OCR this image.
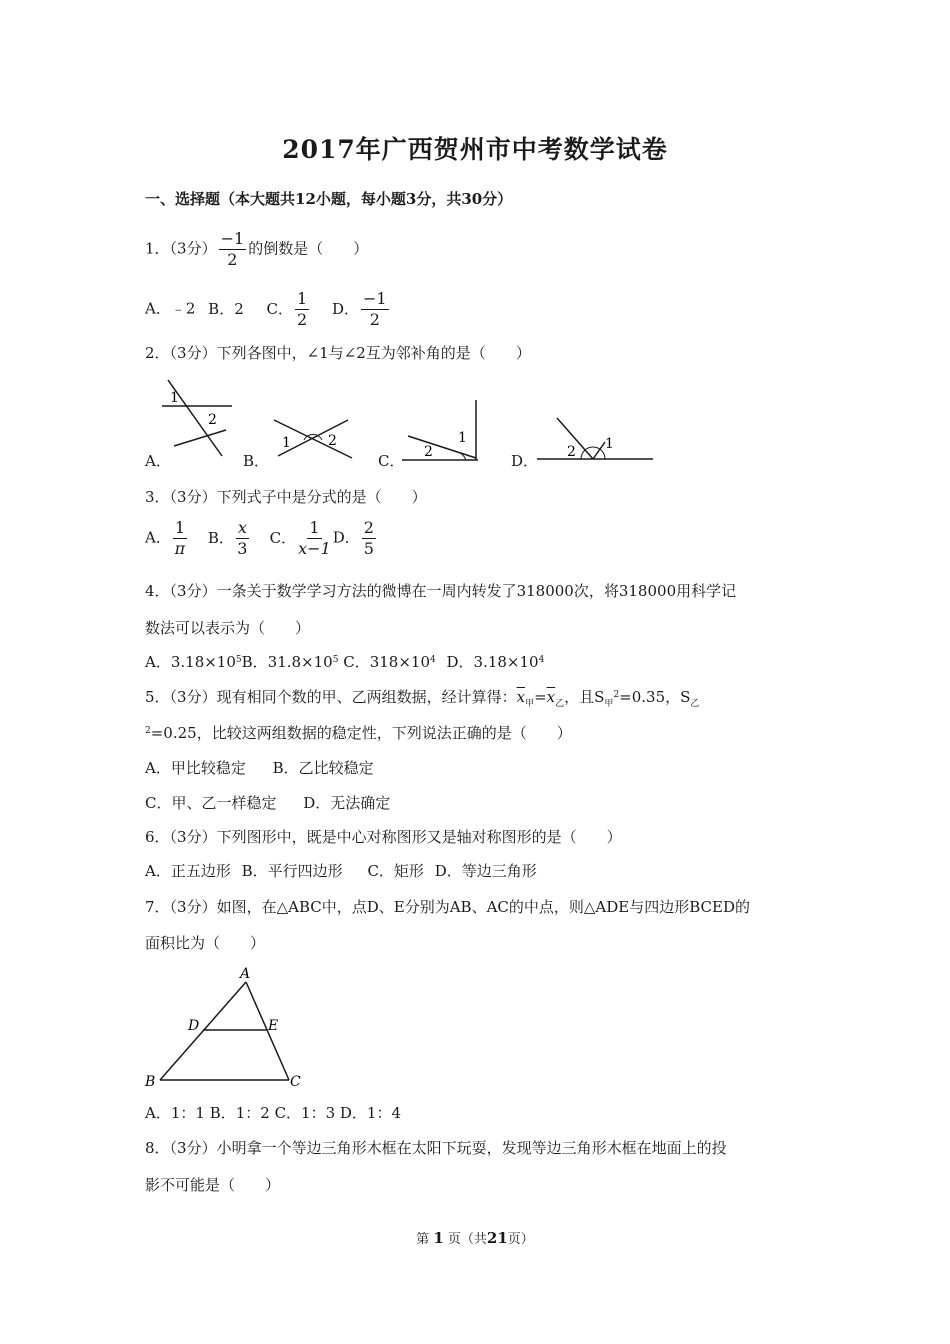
2017年广西贺州市中考数学试卷
一、选择题（本大题共12小题，每小题3分，共30分）
1．（3分） $\frac{-1}{2}$ 的倒数是（　　）
A．﹣2 B．2 C． $\frac{1}{2}$ D． $\frac{-1}{2}$
2．（3分）下列各图中，∠1与∠2互为邻补角的是（　　）
A．
1
2
B．
1	2
C． 2
1
D． 2 1
3．（3分）下列式子中是分式的是（　　）
A． $\frac{1}{\pi}$ B． $\frac{x}{3}$ C． $\frac{1}{x-1}$ D． $\frac{2}{5}$
4．（3分）一条关于数学学习方法的微博在一周内转发了318000次，将318000用科学记
数法可以表示为（　　）
A．$3.18\times 10^5B$．$31.8\times 10^5$ C．$318\times 10^4$ D．$3.18\times 10^4$
5．（3分）现有相同个数的甲、乙两组数据，经计算得：$\overline{x}_甲=\overline{x}_乙$，且$S_甲^2=0.35$，$S_乙$
$^2$=0.25，比较这两组数据的稳定性，下列说法正确的是（　　）
A．甲比较稳定 B．乙比较稳定
C．甲、乙一样稳定 D．无法确定
6．（3分）下列图形中，既是中心对称图形又是轴对称图形的是（　　）
A．正五边形 B．平行四边形 C．矩形 D．等边三角形
7．（3分）如图，在△ABC中，点D、E分别为AB、AC的中点，则△ADE与四边形BCED的
面积比为（　　）
A
D	E
B	C
A．1：1 B．1：2 C．1：3 D．1：4
8．（3分）小明拿一个等边三角形木框在太阳下玩耍，发现等边三角形木框在地面上的投
影不可能是（　　）
第 1 页（共21页）
